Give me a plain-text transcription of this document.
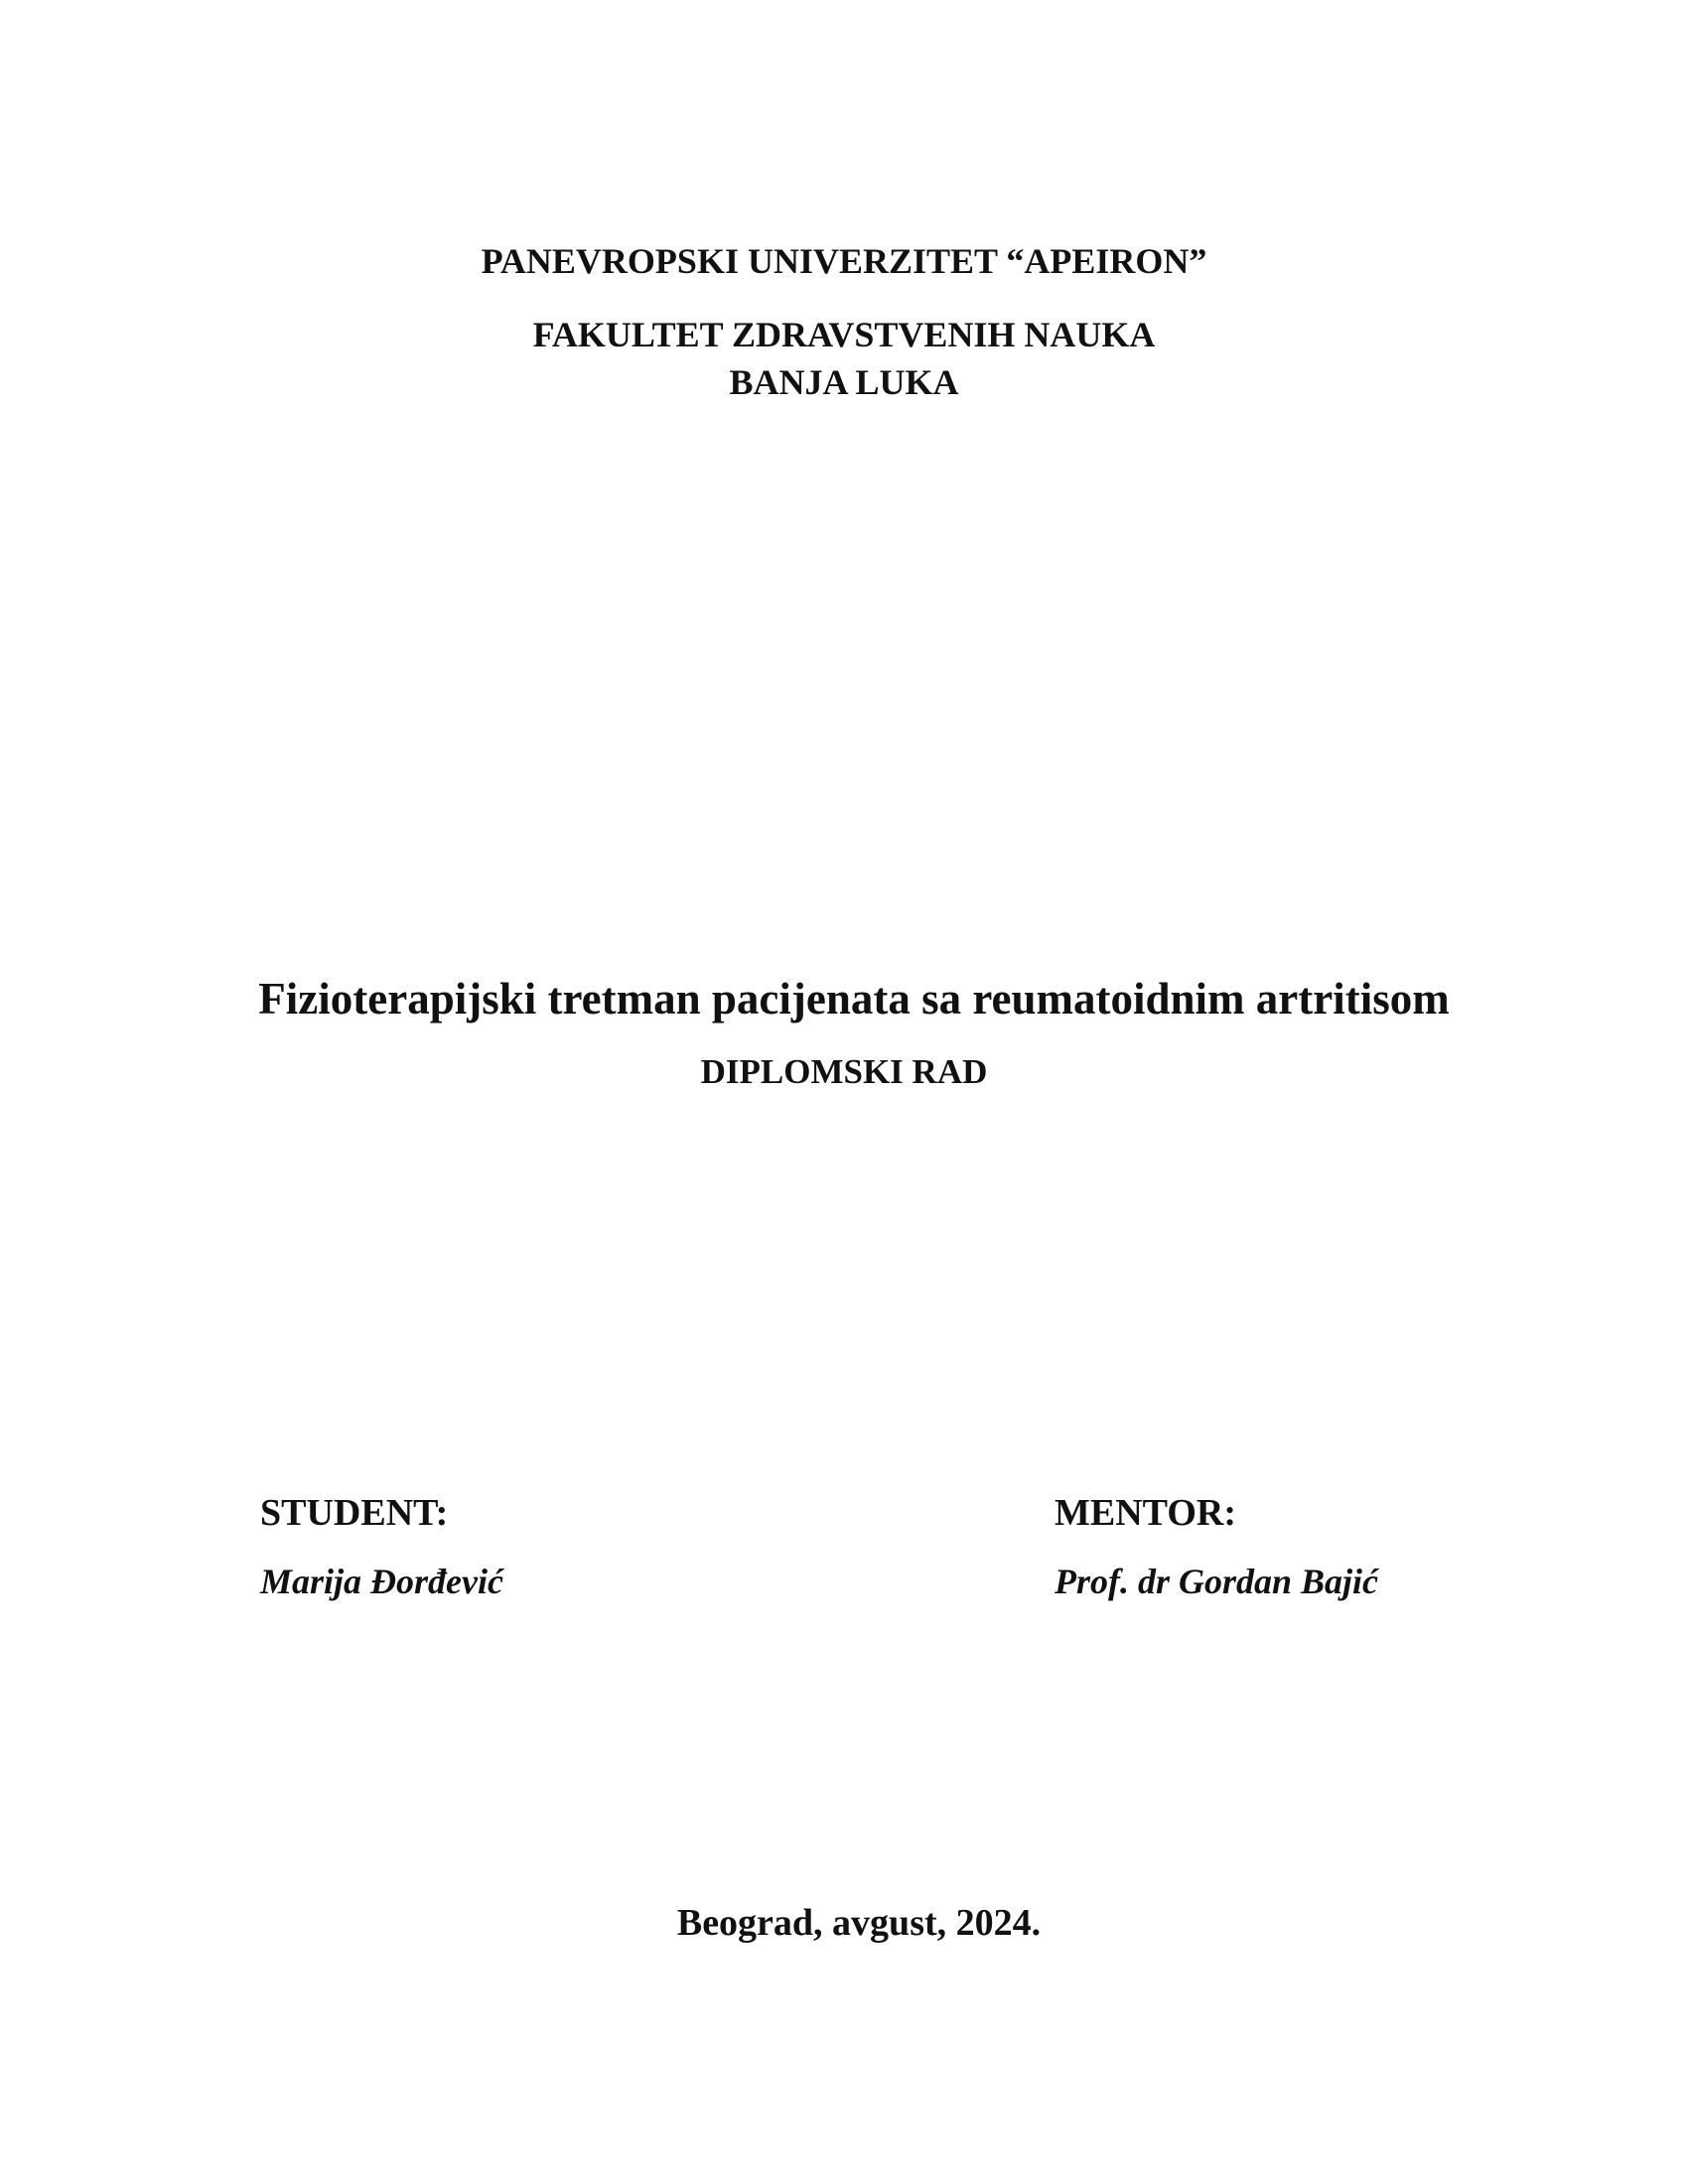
PANEVROPSKI UNIVERZITET “APEIRON”
FAKULTET ZDRAVSTVENIH NAUKA
BANJA LUKA
Fizioterapijski tretman pacijenata sa reumatoidnim artritisom
DIPLOMSKI RAD
STUDENT:
Marija Đorđević
MENTOR:
Prof. dr Gordan Bajić
Beograd, avgust, 2024.
